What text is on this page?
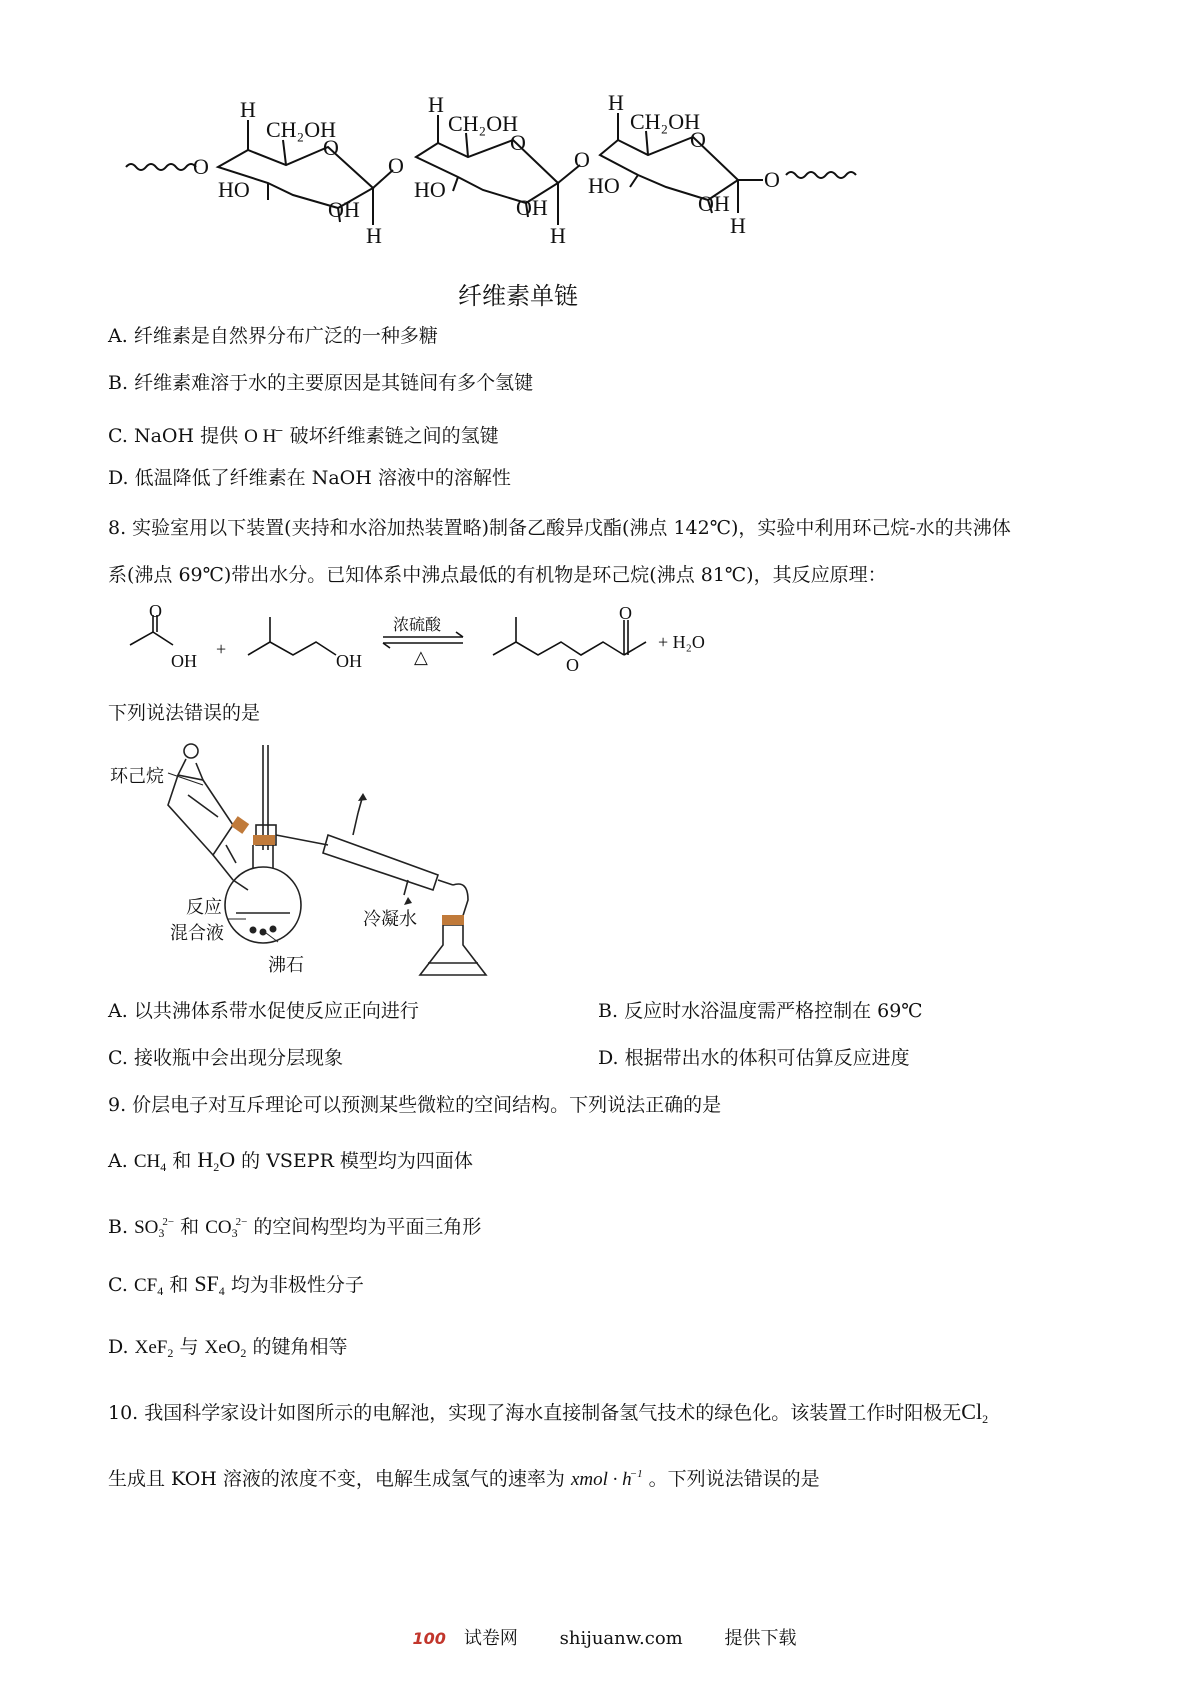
O
H
CH₂OH
O
HO
OH
H
O
H
CH₂OH
O
HO
OH
H
O
H
CH₂OH
O
HO
OH
H
O
纤维素单链
A. 纤维素是自然界分布广泛的一种多糖
B. 纤维素难溶于水的主要原因是其链间有多个氢键
C. NaOH 提供 O H− 破坏纤维素链之间的氢键
D. 低温降低了纤维素在 NaOH 溶液中的溶解性
8. 实验室用以下装置(夹持和水浴加热装置略)制备乙酸异戊酯(沸点 142℃)，实验中利用环己烷-水的共沸体
系(沸点 69℃)带出水分。已知体系中沸点最低的有机物是环己烷(沸点 81℃)，其反应原理：
O
OH
+
OH
浓硫酸
△	O
O
+ H₂O
下列说法错误的是
环己烷
反应
混合液
沸石
冷凝水
A. 以共沸体系带水促使反应正向进行	B. 反应时水浴温度需严格控制在 69℃
C. 接收瓶中会出现分层现象	D. 根据带出水的体积可估算反应进度
9. 价层电子对互斥理论可以预测某些微粒的空间结构。下列说法正确的是
A. $CH_4$ 和 $H_2O$ 的 VSEPR 模型均为四面体
B. $SO_3^{2-}$ 和 $CO_3^{2-}$ 的空间构型均为平面三角形
C. $CF_4$ 和 $SF_4$ 均为非极性分子
D. XeF$_2$ 与 XeO$_2$ 的键角相等
10. 我国科学家设计如图所示的电解池，实现了海水直接制备氢气技术的绿色化。该装置工作时阳极无$Cl_2$
生成且 KOH 溶液的浓度不变，电解生成氢气的速率为 xmol · $h^{-1}$ 。下列说法错误的是
100 试卷网 shijuanw.com 提供下载
